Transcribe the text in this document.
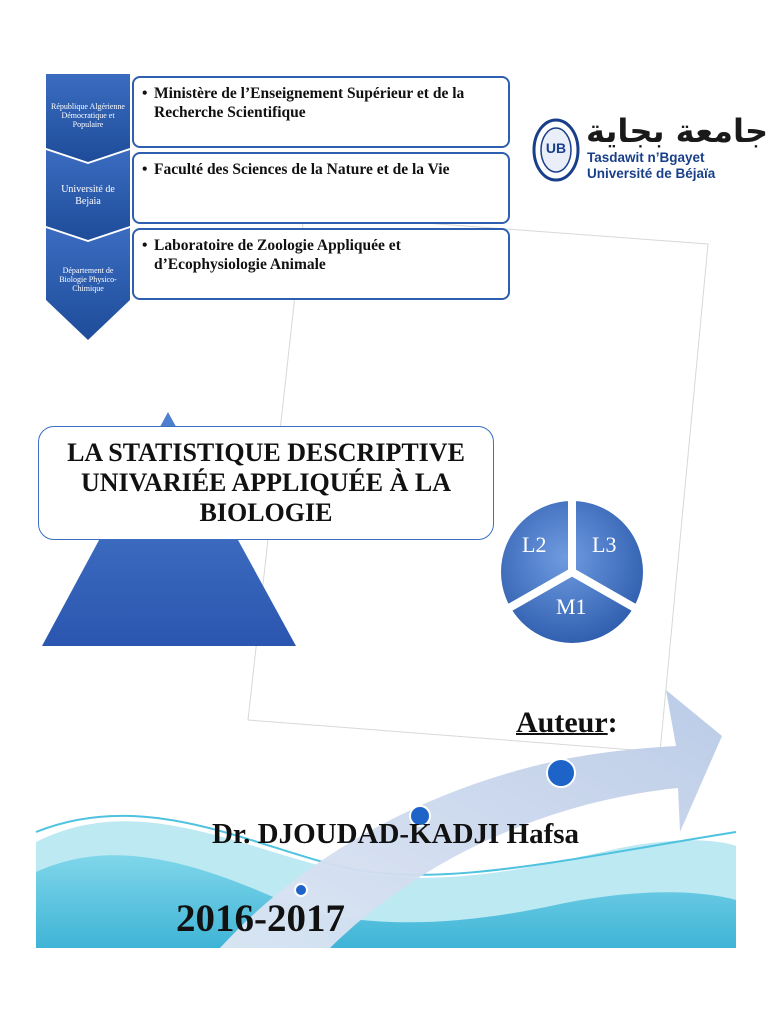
République Algérienne Démocratique et Populaire
Université de Bejaia
Département de Biologie Physico-Chimique
• Ministère de l’Enseignement Supérieur et de la Recherche Scientifique
• Faculté des Sciences de la Nature et de la Vie
• Laboratoire de Zoologie Appliquée et d’Ecophysiologie Animale
جامعة بجاية
Tasdawit n’Bgayet
Université de Béjaïa
UB
LA STATISTIQUE DESCRIPTIVE UNIVARIÉE APPLIQUÉE À LA BIOLOGIE
L2 L3
M1
Auteur:
Dr. DJOUDAD-KADJI Hafsa
2016-2017
